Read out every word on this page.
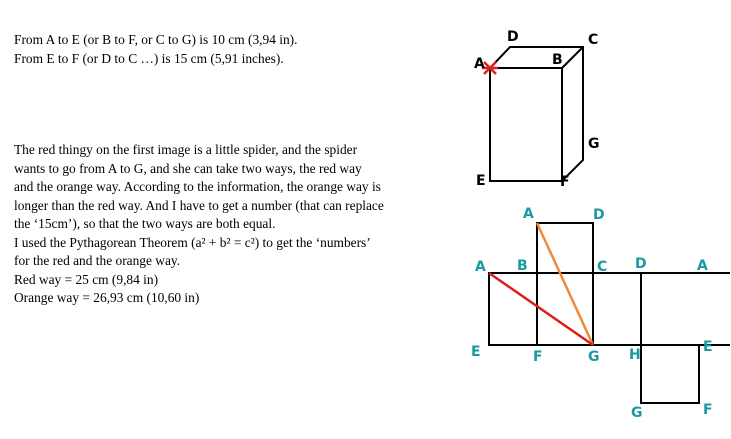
From A to E (or B to F, or C to G) is 10 cm (3,94 in).

From E to F (or D to C …) is 15 cm (5,91 inches).

The red thingy on the first image is a little spider, and the spider

wants to go from A to G, and she can take two ways, the red way

and the orange way. According to the information, the orange way is

longer than the red way. And I have to get a number (that can replace

the ‘15cm’), so that the two ways are both equal.

I used the Pythagorean Theorem (a² + b² = c²) to get the ‘numbers’

for the red and the orange way.

Red way = 25 cm (9,84 in)

Orange way = 26,93 cm (10,60 in)

A	B
D	C
G
E	F
A	D
A B	C D	A
E	F	G H	E
G	F
